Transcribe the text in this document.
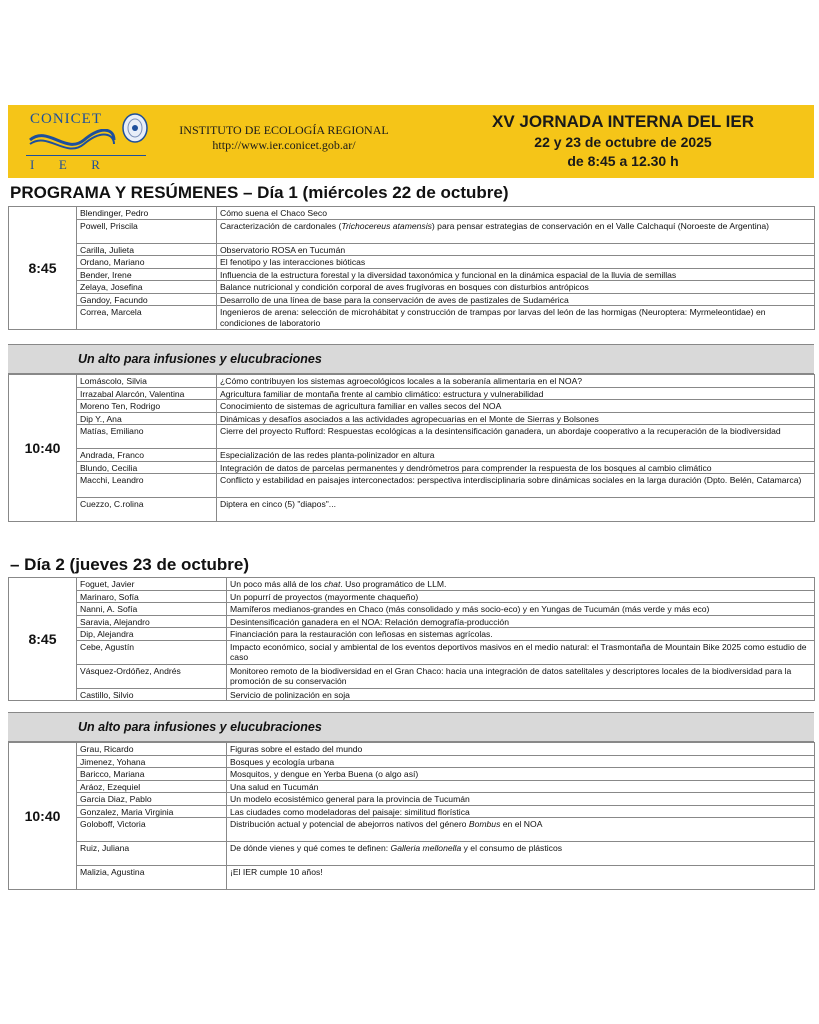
CONICET
I  E  R
INSTITUTO DE ECOLOGÍA REGIONAL
http://www.ier.conicet.gob.ar/
XV JORNADA INTERNA DEL IER
22 y 23 de octubre de 2025
de 8:45 a 12.30 h
PROGRAMA Y RESÚMENES – Día 1 (miércoles 22 de octubre)
8:45	Blendinger, Pedro	Cómo suena el Chaco Seco
	Powell, Priscila	Caracterización de cardonales (Trichocereus atamensis) para pensar estrategias de conservación en el Valle Calchaquí (Noroeste de Argentina)
	Carilla, Julieta	Observatorio ROSA en Tucumán
	Ordano, Mariano	El fenotipo y las interacciones bióticas
	Bender, Irene	Influencia de la estructura forestal y la diversidad taxonómica y funcional en la dinámica espacial de la lluvia de semillas
	Zelaya, Josefina	Balance nutricional y condición corporal de aves frugívoras en bosques con disturbios antrópicos
	Gandoy, Facundo	Desarrollo de una línea de base para la conservación de aves de pastizales de Sudamérica
	Correa, Marcela	Ingenieros de arena: selección de microhábitat y construcción de trampas por larvas del león de las hormigas (Neuroptera: Myrmeleontidae) en condiciones de laboratorio
Un alto para infusiones y elucubraciones
10:40	Lomáscolo, Silvia	¿Cómo contribuyen los sistemas agroecológicos locales a la soberanía alimentaria en el NOA?
	Irrazabal Alarcón, Valentina	Agricultura familiar de montaña frente al cambio climático: estructura y vulnerabilidad
	Moreno Ten, Rodrigo	Conocimiento de sistemas de agricultura familiar en valles secos del NOA
	Dip Y., Ana	Dinámicas y desafíos asociados a las actividades agropecuarias en el Monte de Sierras y Bolsones
	Matías, Emiliano	Cierre del proyecto Rufford: Respuestas ecológicas a la desintensificación ganadera, un abordaje cooperativo a la recuperación de la biodiversidad
	Andrada, Franco	Especialización de las redes planta-polinizador en altura
	Blundo, Cecilia	Integración de datos de parcelas permanentes y dendrómetros para comprender la respuesta de los bosques al cambio climático
	Macchi, Leandro	Conflicto y estabilidad en paisajes interconectados: perspectiva interdisciplinaria sobre dinámicas sociales en la larga duración (Dpto. Belén, Catamarca)
	Cuezzo, C.rolina	Diptera en cinco (5) "diapos"...
– Día 2 (jueves 23 de octubre)
8:45	Foguet, Javier	Un poco más allá de los chat. Uso programático de LLM.
	Marinaro, Sofía	Un popurrí de proyectos (mayormente chaqueño)
	Nanni, A. Sofía	Mamíferos medianos-grandes en Chaco (más consolidado y más socio-eco) y en Yungas de Tucumán (más verde y más eco)
	Saravia, Alejandro	Desintensificación ganadera en el NOA: Relación demografía-producción
	Dip, Alejandra	Financiación para la restauración con leñosas en sistemas agrícolas.
	Cebe, Agustín	Impacto económico, social y ambiental de los eventos deportivos masivos en el medio natural: el Trasmontaña de Mountain Bike 2025 como estudio de caso
	Vásquez-Ordóñez, Andrés	Monitoreo remoto de la biodiversidad en el Gran Chaco: hacia una integración de datos satelitales y descriptores locales de la biodiversidad para la promoción de su conservación
	Castillo, Silvio	Servicio de polinización en soja
Un alto para infusiones y elucubraciones
10:40	Grau, Ricardo	Figuras sobre el estado del mundo
	Jimenez, Yohana	Bosques y ecología urbana
	Baricco, Mariana	Mosquitos, y dengue en Yerba Buena (o algo así)
	Aráoz, Ezequiel	Una salud en Tucumán
	Garcia Diaz, Pablo	Un modelo ecosistémico general para la provincia de Tucumán
	Gonzalez, Maria Virginia	Las ciudades como modeladoras del paisaje: similitud florística
	Goloboff, Victoria	Distribución actual y potencial de abejorros nativos del género Bombus en el NOA
	Ruiz, Juliana	De dónde vienes y qué comes te definen: Galleria mellonella y el consumo de plásticos
	Malizia, Agustina	¡El IER cumple 10 años!
